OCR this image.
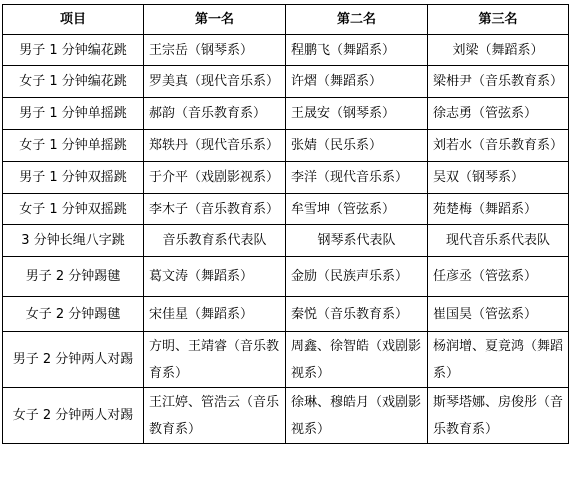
项目	第一名	第二名	第三名
男子 1 分钟编花跳	王宗岳（钢琴系）	程鹏飞（舞蹈系）	刘梁（舞蹈系）
女子 1 分钟编花跳	罗美真（现代音乐系）	许熠（舞蹈系）	梁枏尹（音乐教育系）
男子 1 分钟单摇跳	郝韵（音乐教育系）	王晟安（钢琴系）	徐志勇（管弦系）
女子 1 分钟单摇跳	郑轶丹（现代音乐系）	张婧（民乐系）	刘若水（音乐教育系）
男子 1 分钟双摇跳	于介平（戏剧影视系）	李洋（现代音乐系）	吴双（钢琴系）
女子 1 分钟双摇跳	李木子（音乐教育系）	牟雪坤（管弦系）	苑楚梅（舞蹈系）
3 分钟长绳八字跳	音乐教育系代表队	钢琴系代表队	现代音乐系代表队
男子 2 分钟踢毽	葛文涛（舞蹈系）	金励（民族声乐系）	任彦丞（管弦系）
女子 2 分钟踢毽	宋佳星（舞蹈系）	秦悦（音乐教育系）	崔国昊（管弦系）
男子 2 分钟两人对踢	方明、王靖睿（音乐教育系）	周鑫、徐智皓（戏剧影视系）	杨润增、夏竟鸿（舞蹈系）
女子 2 分钟两人对踢	王江婷、管浩云（音乐教育系）	徐琳、穆皓月（戏剧影视系）	斯琴塔娜、房俊彤（音乐教育系）
